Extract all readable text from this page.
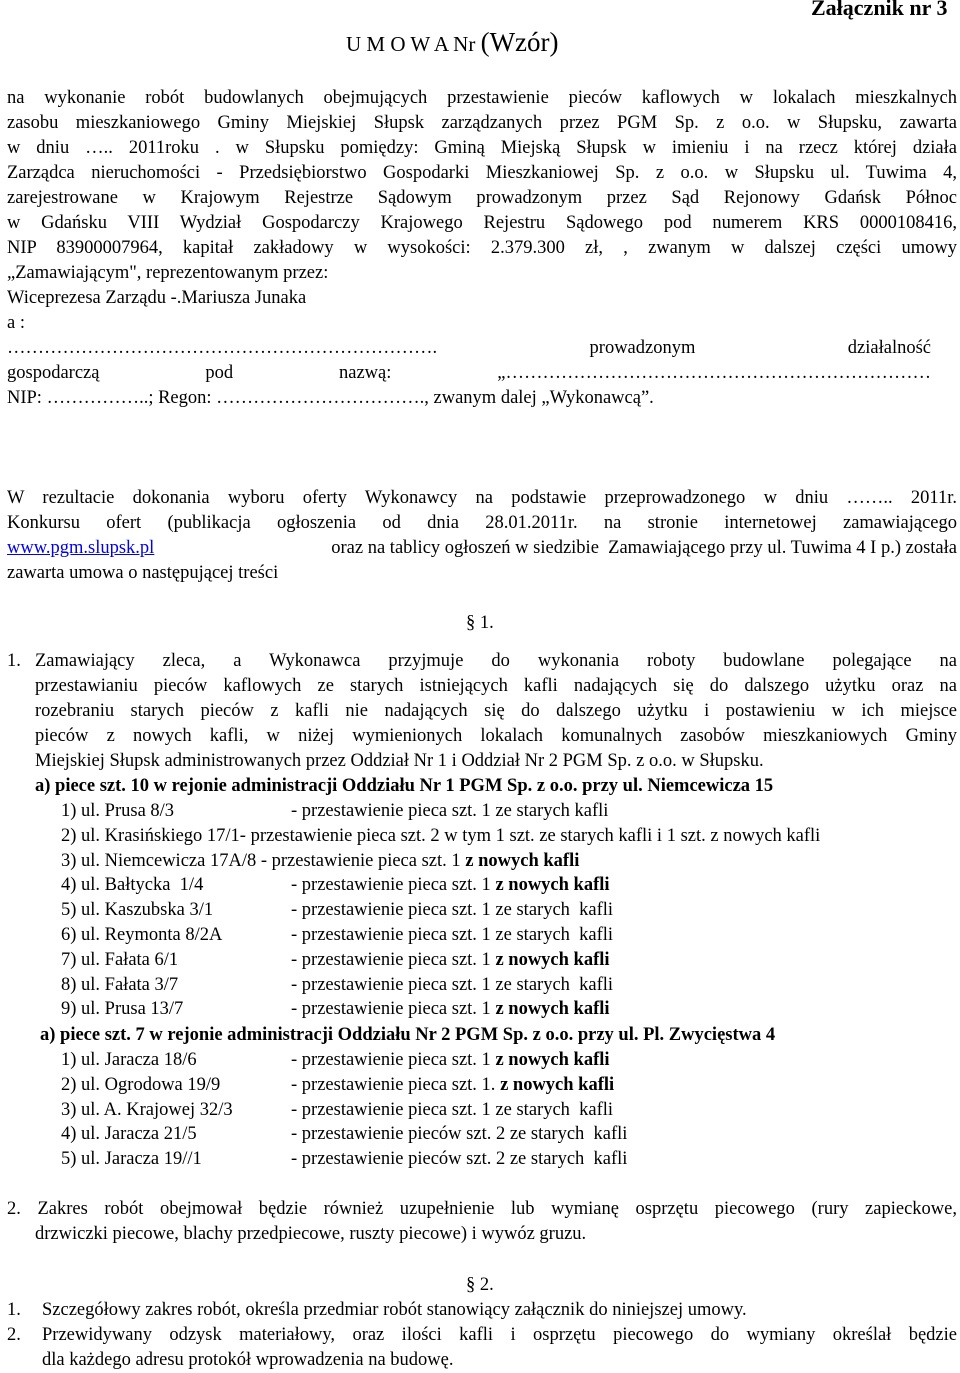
U M O W A Nr (Wzór)
Załącznik nr 3
na wykonanie robót budowlanych obejmujących przestawienie pieców kaflowych w lokalach mieszkalnych
zasobu mieszkaniowego Gminy Miejskiej Słupsk zarządzanych przez PGM Sp. z o.o. w Słupsku, zawarta
w dniu ….. 2011roku . w Słupsku pomiędzy: Gminą Miejską Słupsk w imieniu i na rzecz której działa
Zarządca nieruchomości - Przedsiębiorstwo Gospodarki Mieszkaniowej Sp. z o.o. w Słupsku ul. Tuwima 4,
zarejestrowane w Krajowym Rejestrze Sądowym prowadzonym przez Sąd Rejonowy Gdańsk Północ
w Gdańsku VIII Wydział Gospodarczy Krajowego Rejestru Sądowego pod numerem KRS 0000108416,
NIP 83900007964, kapitał zakładowy w wysokości: 2.379.300 zł, , zwanym w dalszej części umowy
„Zamawiającym", reprezentowanym przez:
Wiceprezesa Zarządu -.Mariusza Junaka
a :
……………………………………………………………. prowadzonym działalność
gospodarczą pod nazwą: „……………………………………………………………
NIP: ……………..; Regon: ……………………………., zwanym dalej „Wykonawcą”.
W rezultacie dokonania wyboru oferty Wykonawcy na podstawie przeprowadzonego w dniu …….. 2011r.
Konkursu ofert (publikacja ogłoszenia od dnia 28.01.2011r. na stronie internetowej zamawiającego
www.pgm.slupsk.pl	oraz na tablicy ogłoszeń w siedzibie  Zamawiającego przy ul. Tuwima 4 I p.) została
zawarta umowa o następującej treści
§ 1.
1. Zamawiający zleca, a Wykonawca przyjmuje do wykonania roboty budowlane polegające na
przestawianiu pieców kaflowych ze starych istniejących kafli nadających się do dalszego użytku oraz na
rozebraniu starych pieców z kafli nie nadających się do dalszego użytku i postawieniu w ich miejsce
pieców z nowych kafli, w niżej wymienionych lokalach komunalnych zasobów mieszkaniowych Gminy
Miejskiej Słupsk administrowanych przez Oddział Nr 1 i Oddział Nr 2 PGM Sp. z o.o. w Słupsku.
a) piece szt. 10 w rejonie administracji Oddziału Nr 1 PGM Sp. z o.o. przy ul. Niemcewicza 15
1) ul. Prusa 8/3	- przestawienie pieca szt. 1 ze starych kafli
2) ul. Krasińskiego 17/1- przestawienie pieca szt. 2 w tym 1 szt. ze starych kafli i 1 szt. z nowych kafli
3) ul. Niemcewicza 17A/8 - przestawienie pieca szt. 1 z nowych kafli
4) ul. Bałtycka  1/4	- przestawienie pieca szt. 1 z nowych kafli
5) ul. Kaszubska 3/1	- przestawienie pieca szt. 1 ze starych  kafli
6) ul. Reymonta 8/2A	- przestawienie pieca szt. 1 ze starych  kafli
7) ul. Fałata 6/1	- przestawienie pieca szt. 1 z nowych kafli
8) ul. Fałata 3/7	- przestawienie pieca szt. 1 ze starych  kafli
9) ul. Prusa 13/7	- przestawienie pieca szt. 1 z nowych kafli
a) piece szt. 7 w rejonie administracji Oddziału Nr 2 PGM Sp. z o.o. przy ul. Pl. Zwycięstwa 4
1) ul. Jaracza 18/6	- przestawienie pieca szt. 1 z nowych kafli
2) ul. Ogrodowa 19/9	- przestawienie pieca szt. 1. z nowych kafli
3) ul. A. Krajowej 32/3	- przestawienie pieca szt. 1 ze starych  kafli
4) ul. Jaracza 21/5	- przestawienie pieców szt. 2 ze starych  kafli
5) ul. Jaracza 19//1	- przestawienie pieców szt. 2 ze starych  kafli
2. Zakres robót obejmował będzie również uzupełnienie lub wymianę osprzętu piecowego (rury zapieckowe,
drzwiczki piecowe, blachy przedpiecowe, ruszty piecowe) i wywóz gruzu.
§ 2.
1. Szczegółowy zakres robót, określa przedmiar robót stanowiący załącznik do niniejszej umowy.
2. Przewidywany odzysk materiałowy, oraz ilości kafli i osprzętu piecowego do wymiany określał będzie
dla każdego adresu protokół wprowadzenia na budowę.
